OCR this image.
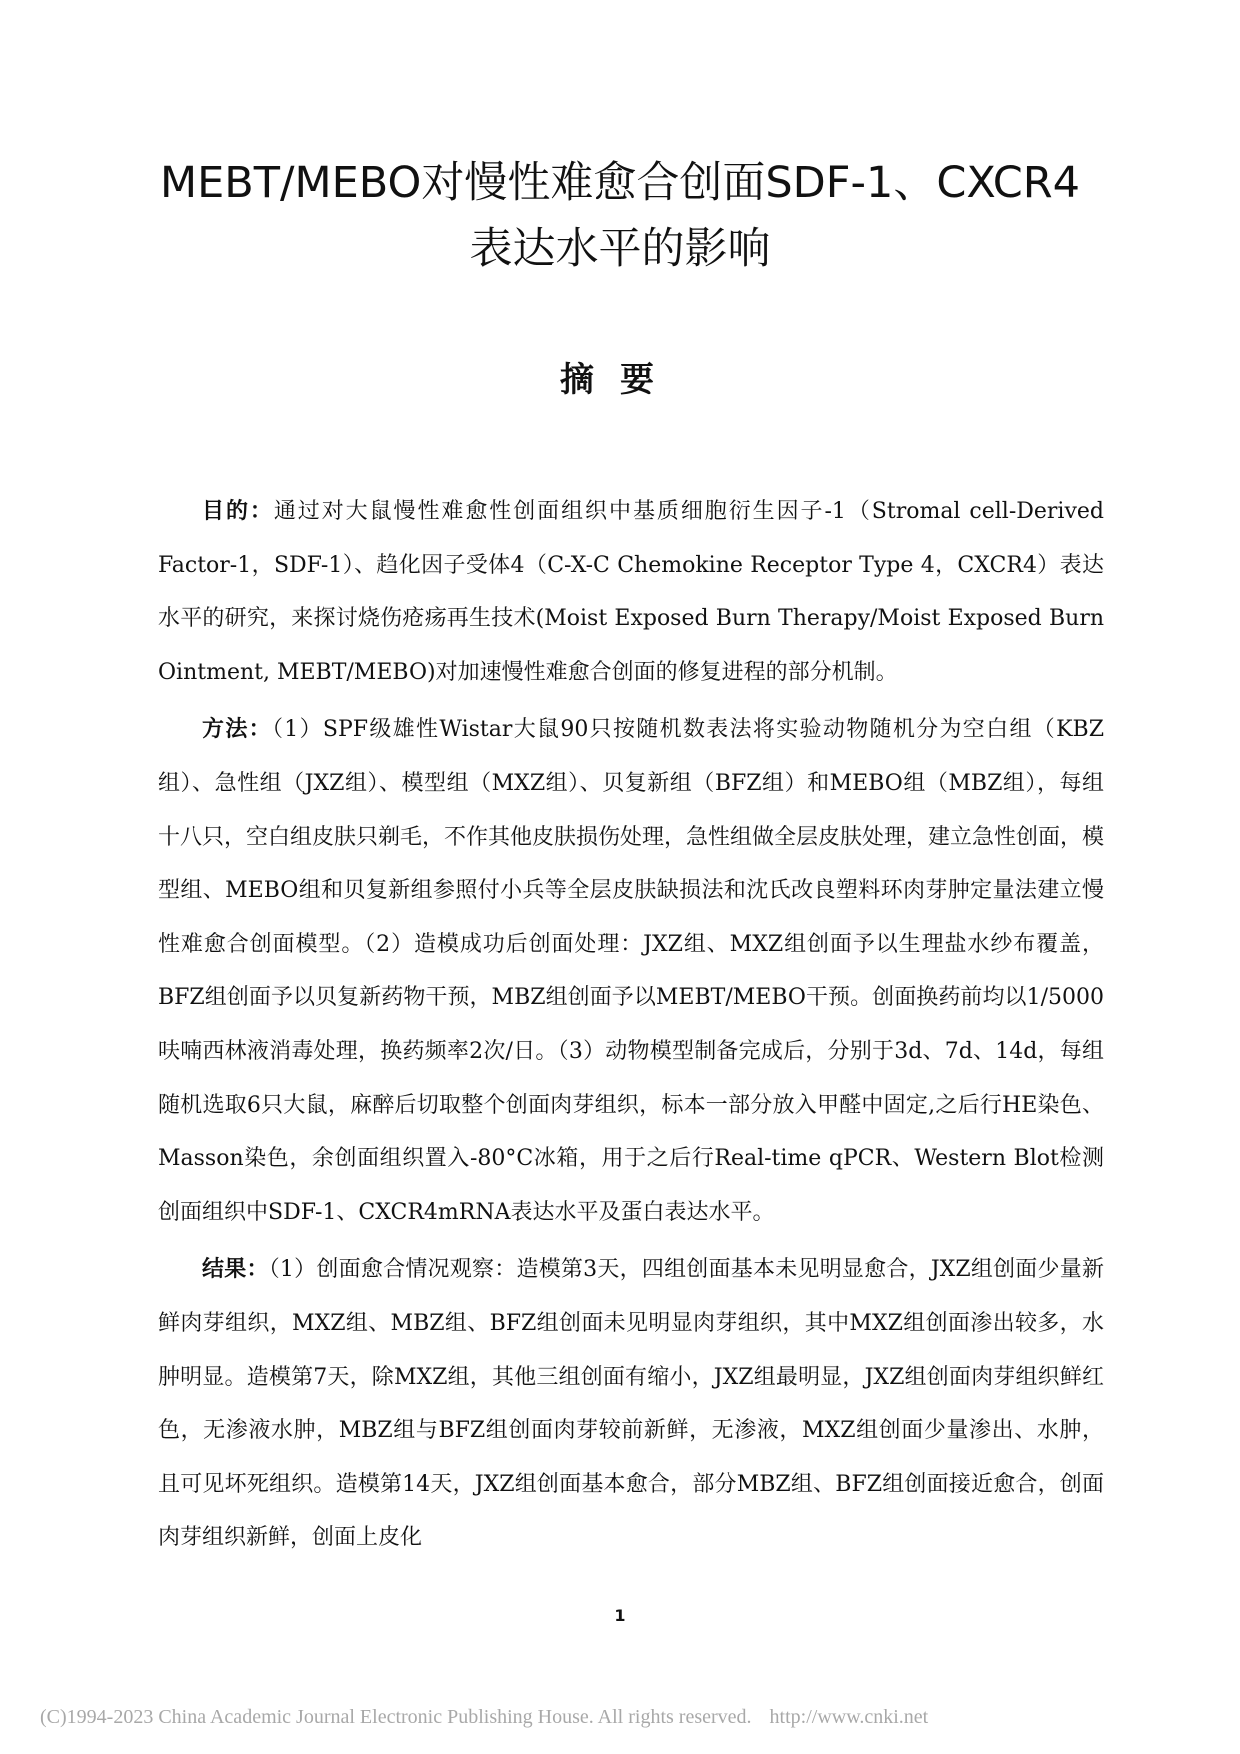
MEBT/MEBO对慢性难愈合创面SDF-1、CXCR4
表达水平的影响
摘要

目的：通过对大鼠慢性难愈性创面组织中基质细胞衍生因子-1（Stromal cell-Derived Factor-1，SDF-1）、趋化因子受体4（C-X-C Chemokine Receptor Type 4，CXCR4）表达水平的研究，来探讨烧伤疮疡再生技术(Moist Exposed Burn Therapy/Moist Exposed Burn Ointment, MEBT/MEBO)对加速慢性难愈合创面的修复进程的部分机制。

方法：（1）SPF级雄性Wistar大鼠90只按随机数表法将实验动物随机分为空白组（KBZ组）、急性组（JXZ组）、模型组（MXZ组）、贝复新组（BFZ组）和MEBO组（MBZ组），每组十八只，空白组皮肤只剃毛，不作其他皮肤损伤处理，急性组做全层皮肤处理，建立急性创面，模型组、MEBO组和贝复新组参照付小兵等全层皮肤缺损法和沈氏改良塑料环肉芽肿定量法建立慢性难愈合创面模型。（2）造模成功后创面处理：JXZ组、MXZ组创面予以生理盐水纱布覆盖，BFZ组创面予以贝复新药物干预，MBZ组创面予以MEBT/MEBO干预。创面换药前均以1/5000呋喃西林液消毒处理，换药频率2次/日。（3）动物模型制备完成后，分别于3d、7d、14d，每组随机选取6只大鼠，麻醉后切取整个创面肉芽组织，标本一部分放入甲醛中固定,之后行HE染色、Masson染色，余创面组织置入-80°C冰箱，用于之后行Real-time qPCR、Western Blot检测创面组织中SDF-1、CXCR4mRNA表达水平及蛋白表达水平。

结果：（1）创面愈合情况观察：造模第3天，四组创面基本未见明显愈合，JXZ组创面少量新鲜肉芽组织，MXZ组、MBZ组、BFZ组创面未见明显肉芽组织，其中MXZ组创面渗出较多，水肿明显。造模第7天，除MXZ组，其他三组创面有缩小，JXZ组最明显，JXZ组创面肉芽组织鲜红色，无渗液水肿，MBZ组与BFZ组创面肉芽较前新鲜，无渗液，MXZ组创面少量渗出、水肿，且可见坏死组织。造模第14天，JXZ组创面基本愈合，部分MBZ组、BFZ组创面接近愈合，创面肉芽组织新鲜，创面上皮化

1
(C)1994-2023 China Academic Journal Electronic Publishing House. All rights reserved. http://www.cnki.net
